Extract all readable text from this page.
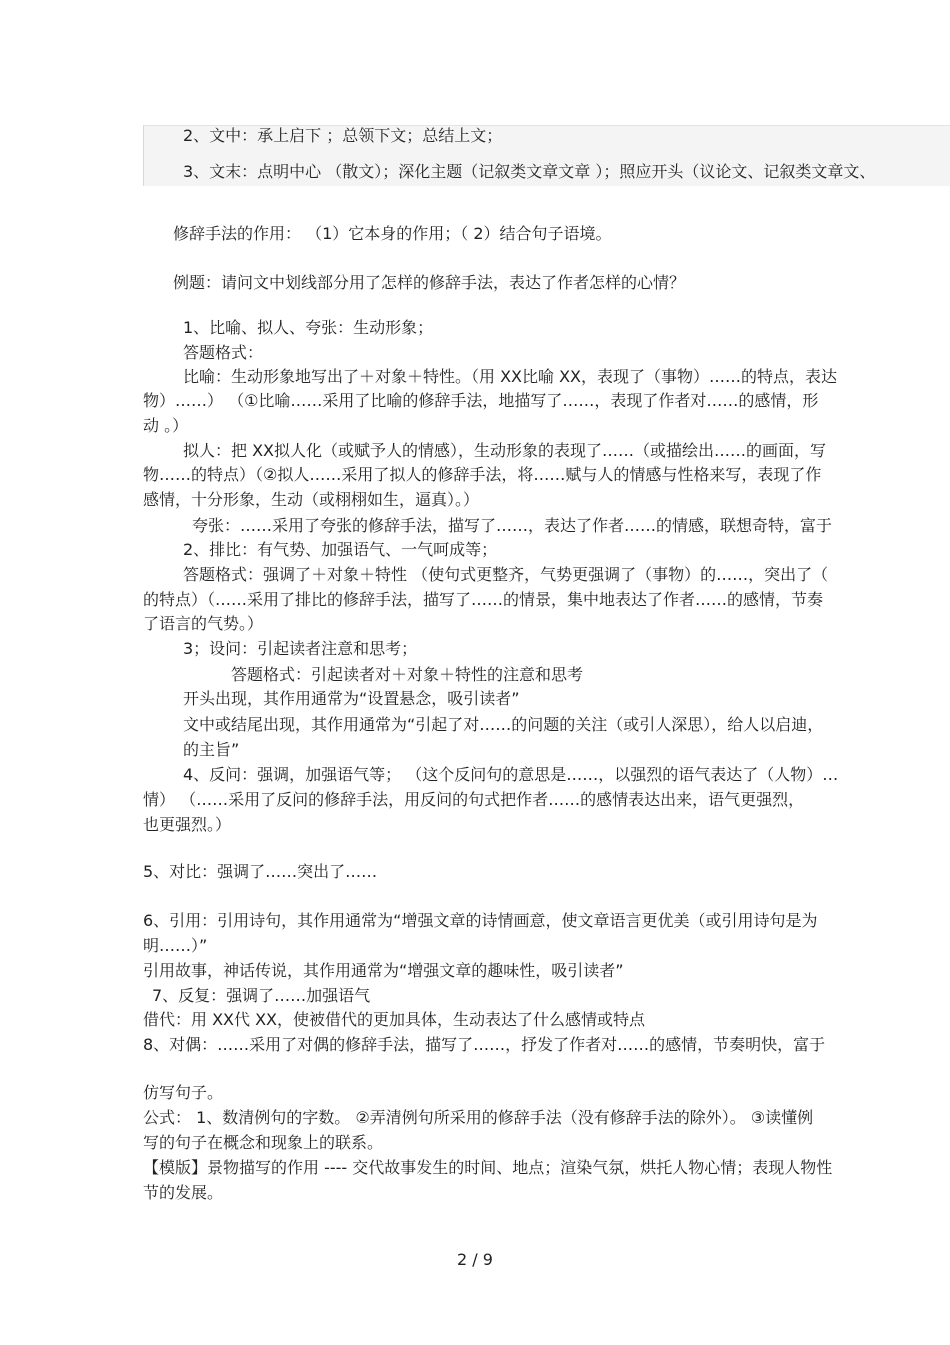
2、文中：承上启下 ；总领下文；总结上文；
3、文末：点明中心 （散文）；深化主题（记叙类文章文章 ）；照应开头（议论文、记叙类文章文、
修辞手法的作用： （1）它本身的作用；（ 2）结合句子语境。
例题：请问文中划线部分用了怎样的修辞手法，表达了作者怎样的心情？
1、比喻、拟人、夸张：生动形象；
答题格式：
比喻：生动形象地写出了＋对象＋特性。（用 XX比喻 XX，表现了（事物）……的特点，表达
物）……） （①比喻……采用了比喻的修辞手法，地描写了……，表现了作者对……的感情，形
动 。）
拟人：把 XX拟人化（或赋予人的情感），生动形象的表现了……（或描绘出……的画面，写
物……的特点）（②拟人……采用了拟人的修辞手法，将……赋与人的情感与性格来写，表现了作
感情，十分形象，生动（或栩栩如生，逼真）。）
夸张：……采用了夸张的修辞手法，描写了……，表达了作者……的情感，联想奇特，富于
2、排比：有气势、加强语气、一气呵成等；
答题格式：强调了＋对象＋特性 （使句式更整齐，气势更强调了（事物）的……，突出了（
的特点）（……采用了排比的修辞手法，描写了……的情景，集中地表达了作者……的感情，节奏
了语言的气势。）
3；设问：引起读者注意和思考；
答题格式：引起读者对＋对象＋特性的注意和思考
开头出现，其作用通常为“设置悬念，吸引读者”
文中或结尾出现，其作用通常为“引起了对……的问题的关注（或引人深思），给人以启迪，
的主旨”
4、反问：强调，加强语气等； （这个反问句的意思是……，以强烈的语气表达了（人物）…
情） （……采用了反问的修辞手法，用反问的句式把作者……的感情表达出来，语气更强烈，
也更强烈。）
5、对比：强调了……突出了……
6、引用：引用诗句，其作用通常为“增强文章的诗情画意，使文章语言更优美（或引用诗句是为
明……）”
引用故事，神话传说，其作用通常为“增强文章的趣味性，吸引读者”
7、反复：强调了……加强语气
借代：用 XX代 XX，使被借代的更加具体，生动表达了什么感情或特点
8、对偶：……采用了对偶的修辞手法，描写了……，抒发了作者对……的感情，节奏明快，富于
仿写句子。
公式： 1、数清例句的字数。 ②弄清例句所采用的修辞手法（没有修辞手法的除外）。 ③读懂例
写的句子在概念和现象上的联系。
【模版】景物描写的作用 ---- 交代故事发生的时间、地点；渲染气氛，烘托人物心情；表现人物性
节的发展。
2 / 9
